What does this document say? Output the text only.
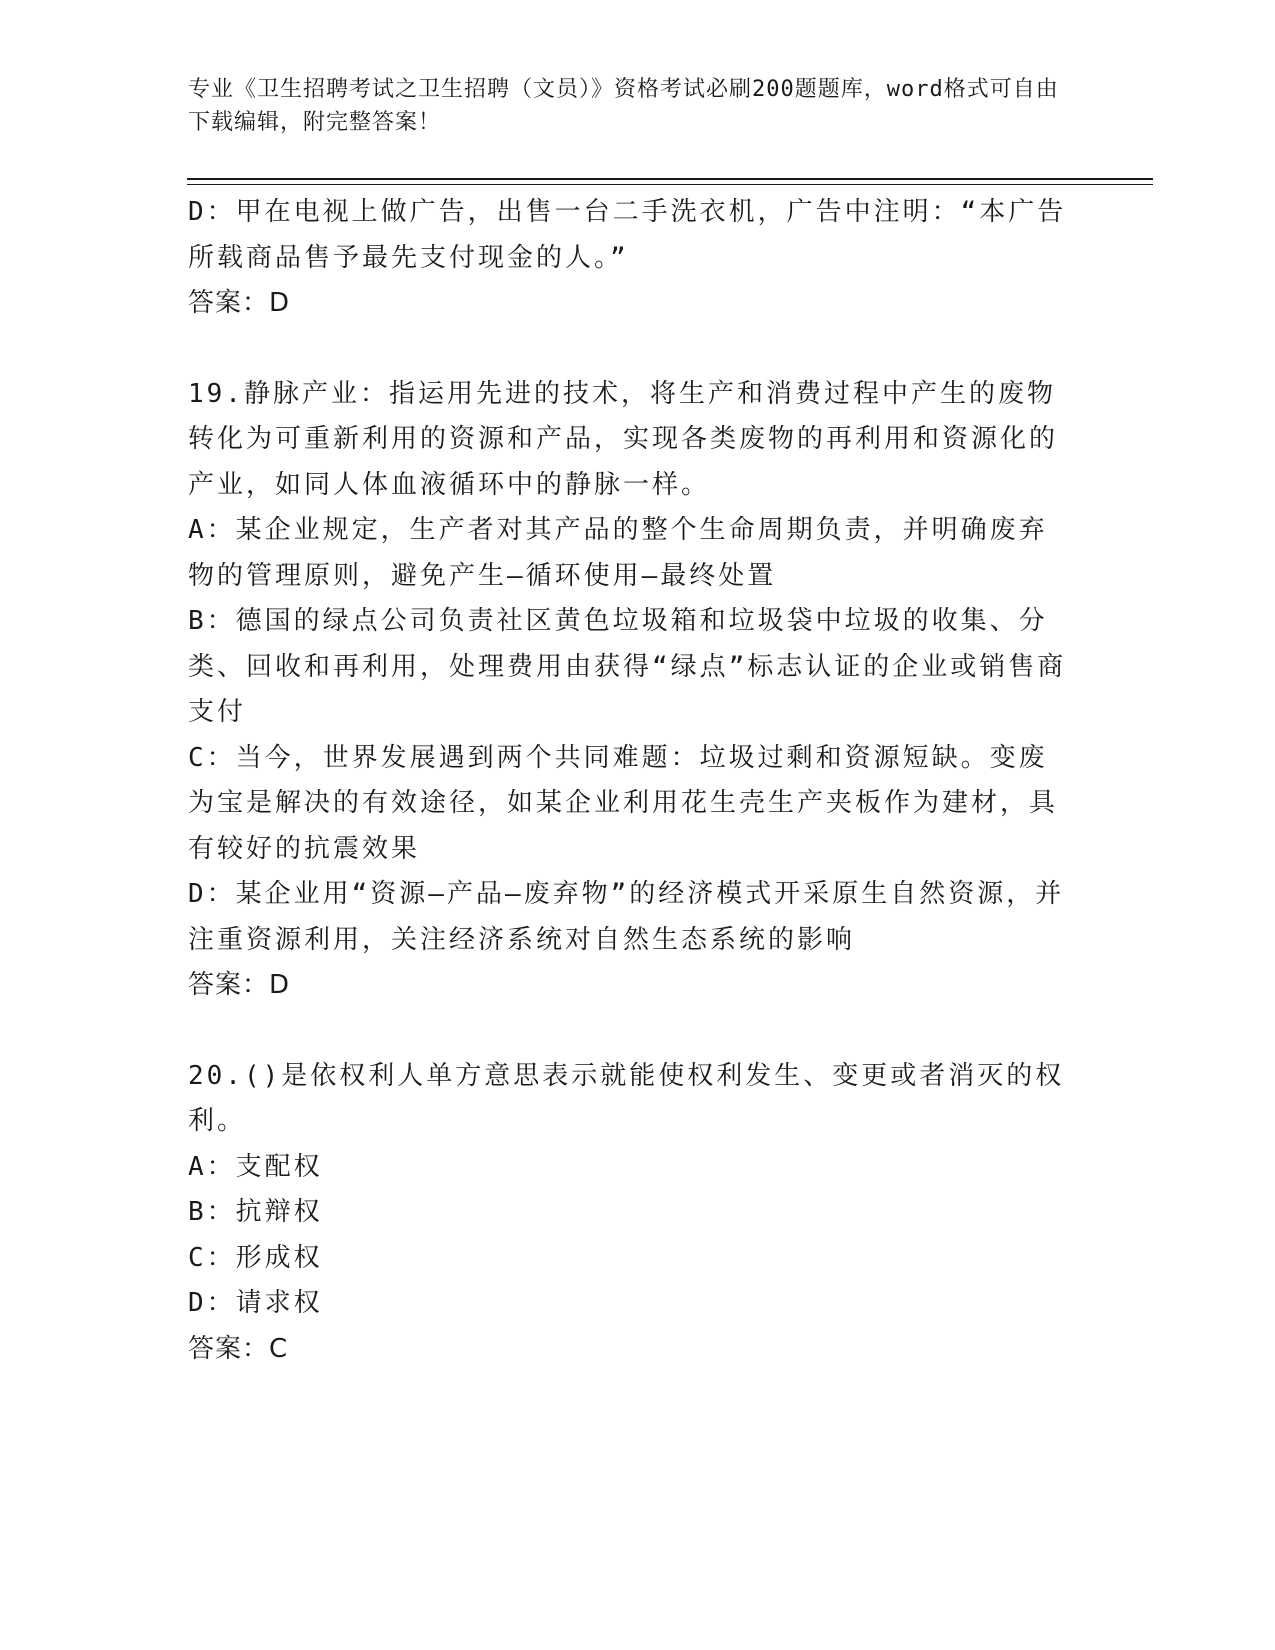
专业《卫生招聘考试之卫生招聘（文员）》资格考试必刷200题题库，word格式可自由下载编辑，附完整答案！
D：甲在电视上做广告，出售一台二手洗衣机，广告中注明：“本广告所载商品售予最先支付现金的人。”
答案：D
19.静脉产业：指运用先进的技术，将生产和消费过程中产生的废物转化为可重新利用的资源和产品，实现各类废物的再利用和资源化的产业，如同人体血液循环中的静脉一样。
A：某企业规定，生产者对其产品的整个生命周期负责，并明确废弃物的管理原则，避免产生—循环使用—最终处置
B：德国的绿点公司负责社区黄色垃圾箱和垃圾袋中垃圾的收集、分类、回收和再利用，处理费用由获得“绿点”标志认证的企业或销售商支付
C：当今，世界发展遇到两个共同难题：垃圾过剩和资源短缺。变废为宝是解决的有效途径，如某企业利用花生壳生产夹板作为建材，具有较好的抗震效果
D：某企业用“资源—产品—废弃物”的经济模式开采原生自然资源，并注重资源利用，关注经济系统对自然生态系统的影响
答案：D
20.()是依权利人单方意思表示就能使权利发生、变更或者消灭的权利。
A：支配权
B：抗辩权
C：形成权
D：请求权
答案：C
